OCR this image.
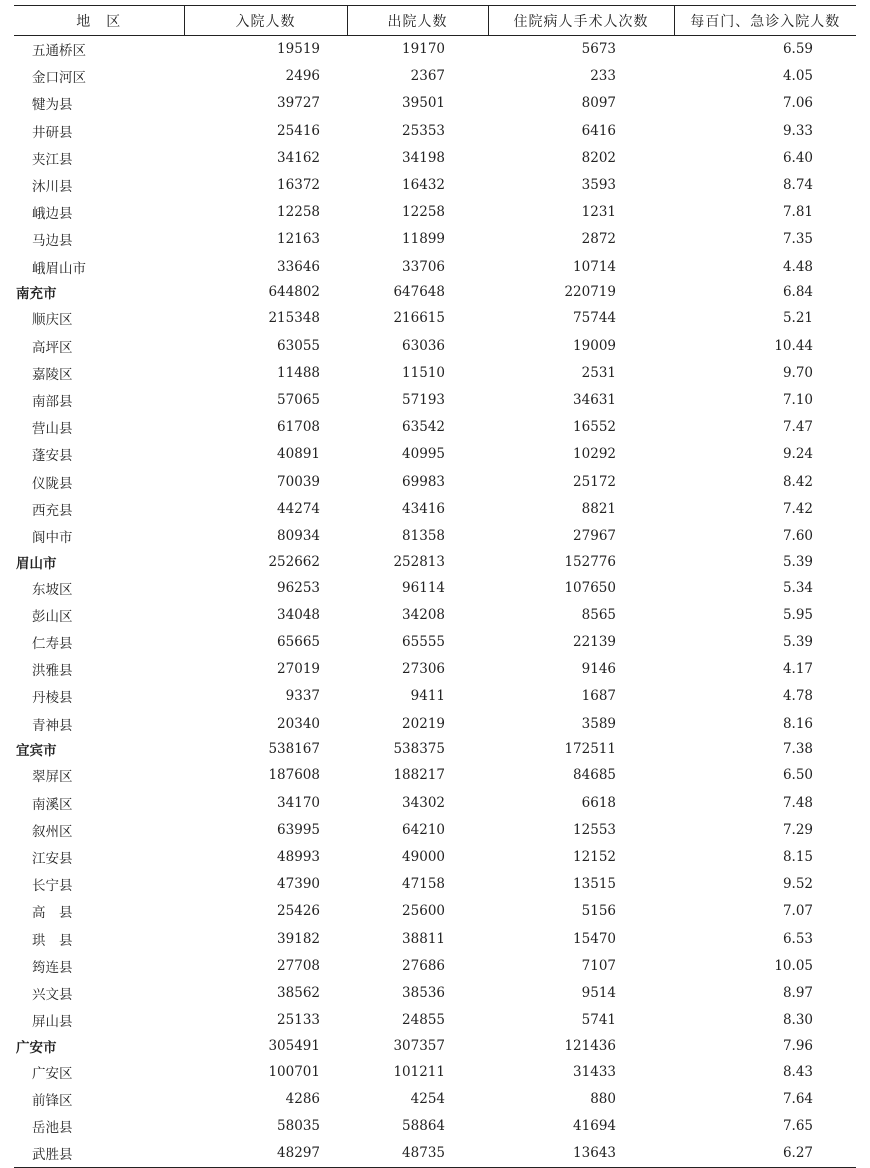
地　区	入院人数	出院人数	住院病人手术人次数	每百门、急诊入院人数
五通桥区	19519	19170	5673	6.59
金口河区	2496	2367	233	4.05
犍为县	39727	39501	8097	7.06
井研县	25416	25353	6416	9.33
夹江县	34162	34198	8202	6.40
沐川县	16372	16432	3593	8.74
峨边县	12258	12258	1231	7.81
马边县	12163	11899	2872	7.35
峨眉山市	33646	33706	10714	4.48
南充市	644802	647648	220719	6.84
顺庆区	215348	216615	75744	5.21
高坪区	63055	63036	19009	10.44
嘉陵区	11488	11510	2531	9.70
南部县	57065	57193	34631	7.10
营山县	61708	63542	16552	7.47
蓬安县	40891	40995	10292	9.24
仪陇县	70039	69983	25172	8.42
西充县	44274	43416	8821	7.42
阆中市	80934	81358	27967	7.60
眉山市	252662	252813	152776	5.39
东坡区	96253	96114	107650	5.34
彭山区	34048	34208	8565	5.95
仁寿县	65665	65555	22139	5.39
洪雅县	27019	27306	9146	4.17
丹棱县	9337	9411	1687	4.78
青神县	20340	20219	3589	8.16
宜宾市	538167	538375	172511	7.38
翠屏区	187608	188217	84685	6.50
南溪区	34170	34302	6618	7.48
叙州区	63995	64210	12553	7.29
江安县	48993	49000	12152	8.15
长宁县	47390	47158	13515	9.52
高　县	25426	25600	5156	7.07
珙　县	39182	38811	15470	6.53
筠连县	27708	27686	7107	10.05
兴文县	38562	38536	9514	8.97
屏山县	25133	24855	5741	8.30
广安市	305491	307357	121436	7.96
广安区	100701	101211	31433	8.43
前锋区	4286	4254	880	7.64
岳池县	58035	58864	41694	7.65
武胜县	48297	48735	13643	6.27
